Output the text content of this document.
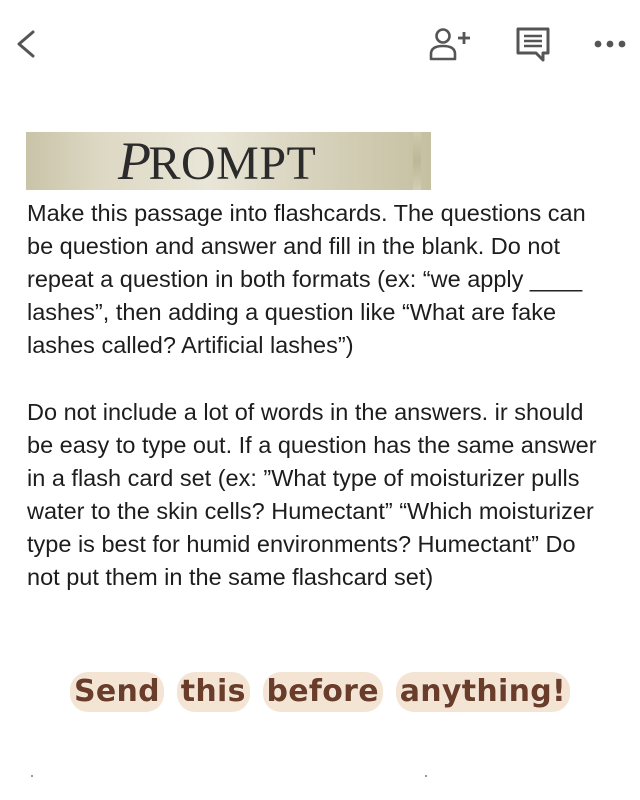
PROMPT

Make this passage into flashcards. The questions can be question and answer and fill in the blank. Do not repeat a question in both formats (ex: “we apply ____ lashes”, then adding a question like “What are fake lashes called? Artificial lashes”)

Do not include a lot of words in the answers. ir should be easy to type out. If a question has the same answer in a flash card set (ex: ”What type of moisturizer pulls water to the skin cells? Humectant” “Which moisturizer type is best for humid environments? Humectant” Do not put them in the same flashcard set)

Send this before anything!
